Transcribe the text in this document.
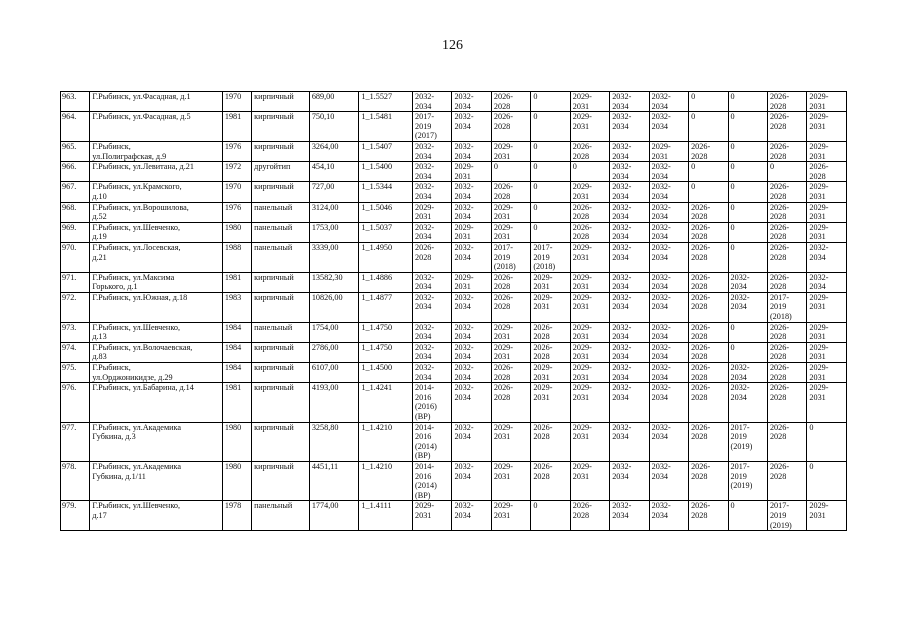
126
963.	Г.Рыбинск, ул.Фасадная, д.1	1970	кирпичный	689,00	1_1.5527	2032-
2034	2032-
2034	2026-
2028	0	2029-
2031	2032-
2034	2032-
2034	0	0	2026-
2028	2029-
2031

964.	Г.Рыбинск, ул.Фасадная, д.5	1981	кирпичный	750,10	1_1.5481	2017-
2019
(2017)	2032-
2034	2026-
2028	0	2029-
2031	2032-
2034	2032-
2034	0	0	2026-
2028	2029-
2031

965.	Г.Рыбинск,
ул.Полиграфская, д.9	1976	кирпичный	3264,00	1_1.5407	2032-
2034	2032-
2034	2029-
2031	0	2026-
2028	2032-
2034	2029-
2031	2026-
2028	0	2026-
2028	2029-
2031

966.	Г.Рыбинск, ул.Левитана, д.21	1972	другойтип	454,10	1_1.5400	2032-
2034	2029-
2031	0	0	0	2032-
2034	2032-
2034	0	0	0	2026-
2028

967.	Г.Рыбинск, ул.Крамского,
д.10	1970	кирпичный	727,00	1_1.5344	2032-
2034	2032-
2034	2026-
2028	0	2029-
2031	2032-
2034	2032-
2034	0	0	2026-
2028	2029-
2031

968.	Г.Рыбинск, ул.Ворошилова,
д.52	1976	панельный	3124,00	1_1.5046	2029-
2031	2032-
2034	2029-
2031	0	2026-
2028	2032-
2034	2032-
2034	2026-
2028	0	2026-
2028	2029-
2031

969.	Г.Рыбинск, ул.Шевченко,
д.19	1980	панельный	1753,00	1_1.5037	2032-
2034	2029-
2031	2029-
2031	0	2026-
2028	2032-
2034	2032-
2034	2026-
2028	0	2026-
2028	2029-
2031

970.	Г.Рыбинск, ул.Лосевская,
д.21	1988	панельный	3339,00	1_1.4950	2026-
2028	2032-
2034	2017-
2019
(2018)	2017-
2019
(2018)	2029-
2031	2032-
2034	2032-
2034	2026-
2028	0	2026-
2028	2032-
2034

971.	Г.Рыбинск, ул.Максима
Горького, д.1	1981	кирпичный	13582,30	1_1.4886	2032-
2034	2029-
2031	2026-
2028	2029-
2031	2029-
2031	2032-
2034	2032-
2034	2026-
2028	2032-
2034	2026-
2028	2032-
2034

972.	Г.Рыбинск, ул.Южная, д.18	1983	кирпичный	10826,00	1_1.4877	2032-
2034	2032-
2034	2026-
2028	2029-
2031	2029-
2031	2032-
2034	2032-
2034	2026-
2028	2032-
2034	2017-
2019
(2018)	2029-
2031

973.	Г.Рыбинск, ул.Шевченко,
д.13	1984	панельный	1754,00	1_1.4750	2032-
2034	2032-
2034	2029-
2031	2026-
2028	2029-
2031	2032-
2034	2032-
2034	2026-
2028	0	2026-
2028	2029-
2031

974.	Г.Рыбинск, ул.Волочаевская,
д.83	1984	кирпичный	2786,00	1_1.4750	2032-
2034	2032-
2034	2029-
2031	2026-
2028	2029-
2031	2032-
2034	2032-
2034	2026-
2028	0	2026-
2028	2029-
2031

975.	Г.Рыбинск,
ул.Орджоникидзе, д.29	1984	кирпичный	6107,00	1_1.4500	2032-
2034	2032-
2034	2026-
2028	2029-
2031	2029-
2031	2032-
2034	2032-
2034	2026-
2028	2032-
2034	2026-
2028	2029-
2031

976.	Г.Рыбинск, ул.Бабарина, д.14	1981	кирпичный	4193,00	1_1.4241	2014-
2016
(2016)
(ВР)	2032-
2034	2026-
2028	2029-
2031	2029-
2031	2032-
2034	2032-
2034	2026-
2028	2032-
2034	2026-
2028	2029-
2031

977.	Г.Рыбинск, ул.Академика
Губкина, д.3	1980	кирпичный	3258,80	1_1.4210	2014-
2016
(2014)
(ВР)	2032-
2034	2029-
2031	2026-
2028	2029-
2031	2032-
2034	2032-
2034	2026-
2028	2017-
2019
(2019)	2026-
2028	0

978.	Г.Рыбинск, ул.Академика
Губкина, д.1/11	1980	кирпичный	4451,11	1_1.4210	2014-
2016
(2014)
(ВР)	2032-
2034	2029-
2031	2026-
2028	2029-
2031	2032-
2034	2032-
2034	2026-
2028	2017-
2019
(2019)	2026-
2028	0

979.	Г.Рыбинск, ул.Шевченко,
д.17	1978	панельный	1774,00	1_1.4111	2029-
2031	2032-
2034	2029-
2031	0	2026-
2028	2032-
2034	2032-
2034	2026-
2028	0	2017-
2019
(2019)	2029-
2031
